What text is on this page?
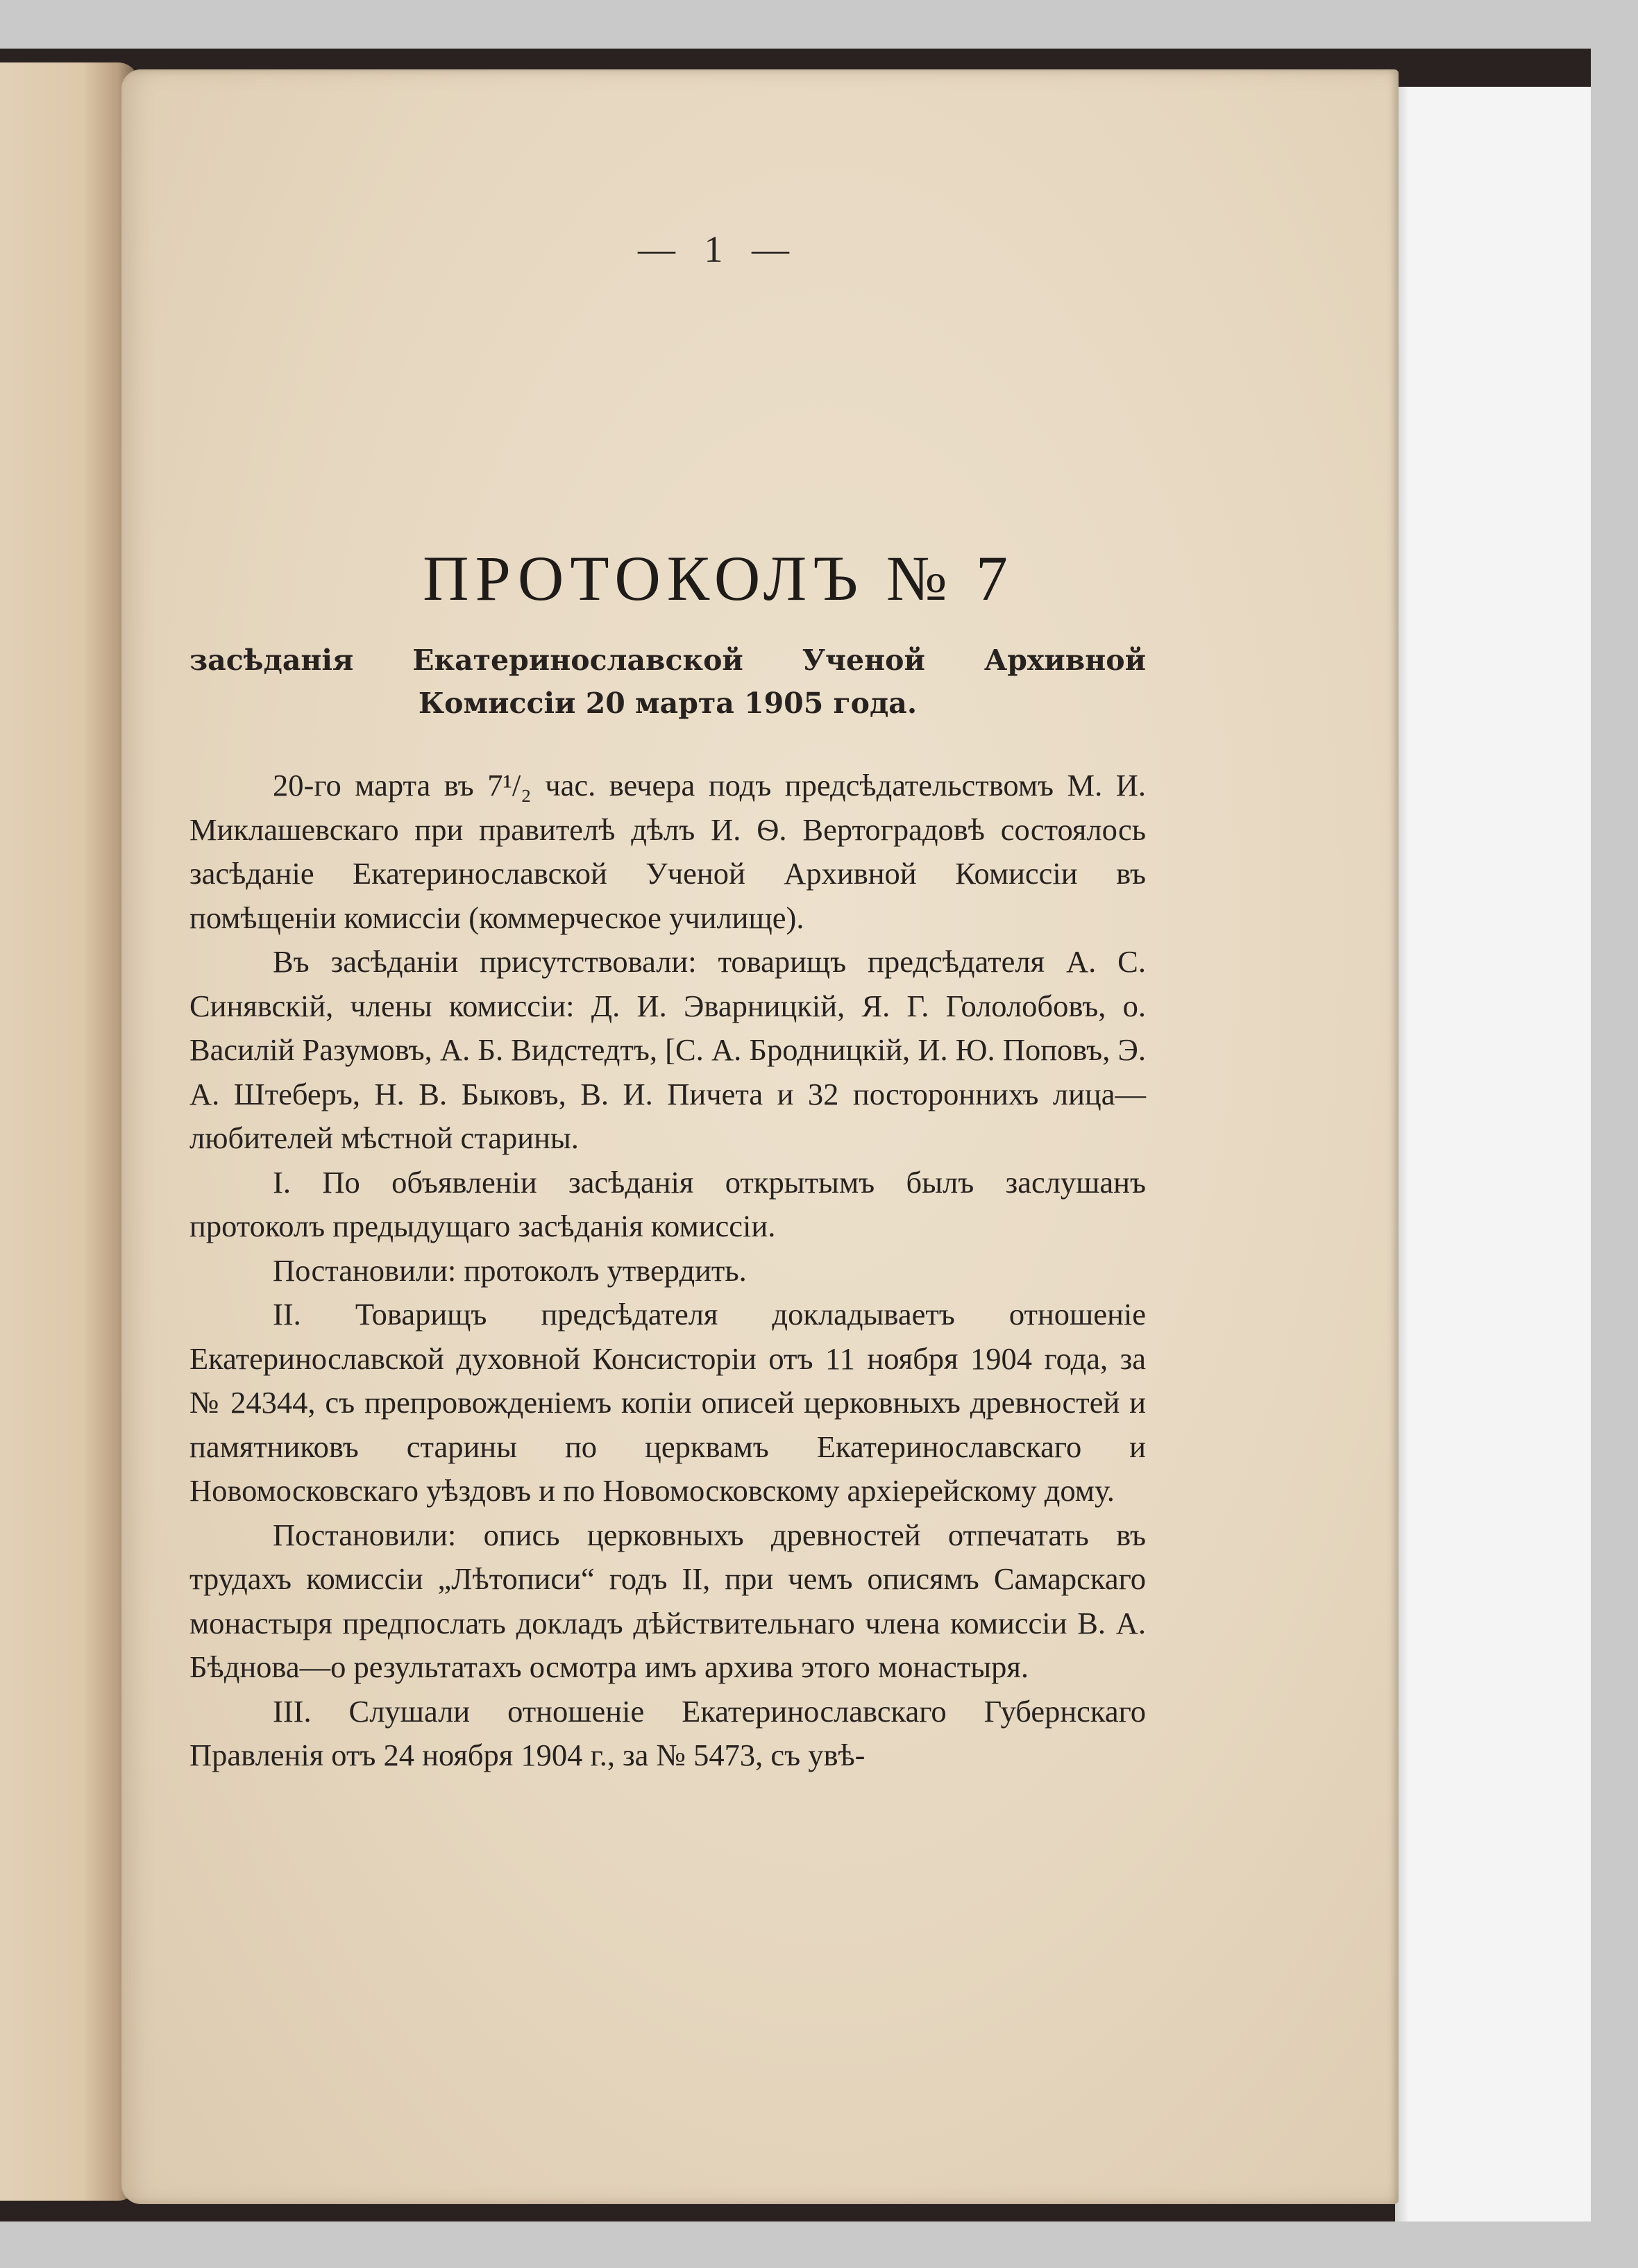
— 1 —
ПРОТОКОЛЪ № 7
засѣданія Екатеринославской Ученой Архивной Комиссіи 20 марта 1905 года.

20-го марта въ 7¹/₂ час. вечера подъ предсѣдательствомъ М. И. Миклашевскаго при правителѣ дѣлъ И. Ѳ. Вертоградовѣ состоялось засѣданіе Екатеринославской Ученой Архивной Комиссіи въ помѣщеніи комиссіи (коммерческое училище).

Въ засѣданіи присутствовали: товарищъ предсѣдателя А. С. Синявскій, члены комиссіи: Д. И. Эварницкій, Я. Г. Гололобовъ, о. Василій Разумовъ, А. Б. Видстедтъ, [С. А. Бродницкій, И. Ю. Поповъ, Э. А. Штеберъ, Н. В. Быковъ, В. И. Пичета и 32 постороннихъ лица—любителей мѣстной старины.

I. По объявленіи засѣданія открытымъ былъ заслушанъ протоколъ предыдущаго засѣданія комиссіи.

Постановили: протоколъ утвердить.

II. Товарищъ предсѣдателя докладываетъ отношеніе Екатеринославской духовной Консисторіи отъ 11 ноября 1904 года, за № 24344, съ препровожденіемъ копіи описей церковныхъ древностей и памятниковъ старины по церквамъ Екатеринославскаго и Новомосковскаго уѣздовъ и по Новомосковскому архіерейскому дому.

Постановили: опись церковныхъ древностей отпечатать въ трудахъ комиссіи „Лѣтописи“ годъ II, при чемъ описямъ Самарскаго монастыря предпослать докладъ дѣйствительнаго члена комиссіи В. А. Бѣднова—о результатахъ осмотра имъ архива этого монастыря.

III. Слушали отношеніе Екатеринославскаго Губернскаго Правленія отъ 24 ноября 1904 г., за № 5473, съ увѣ-
